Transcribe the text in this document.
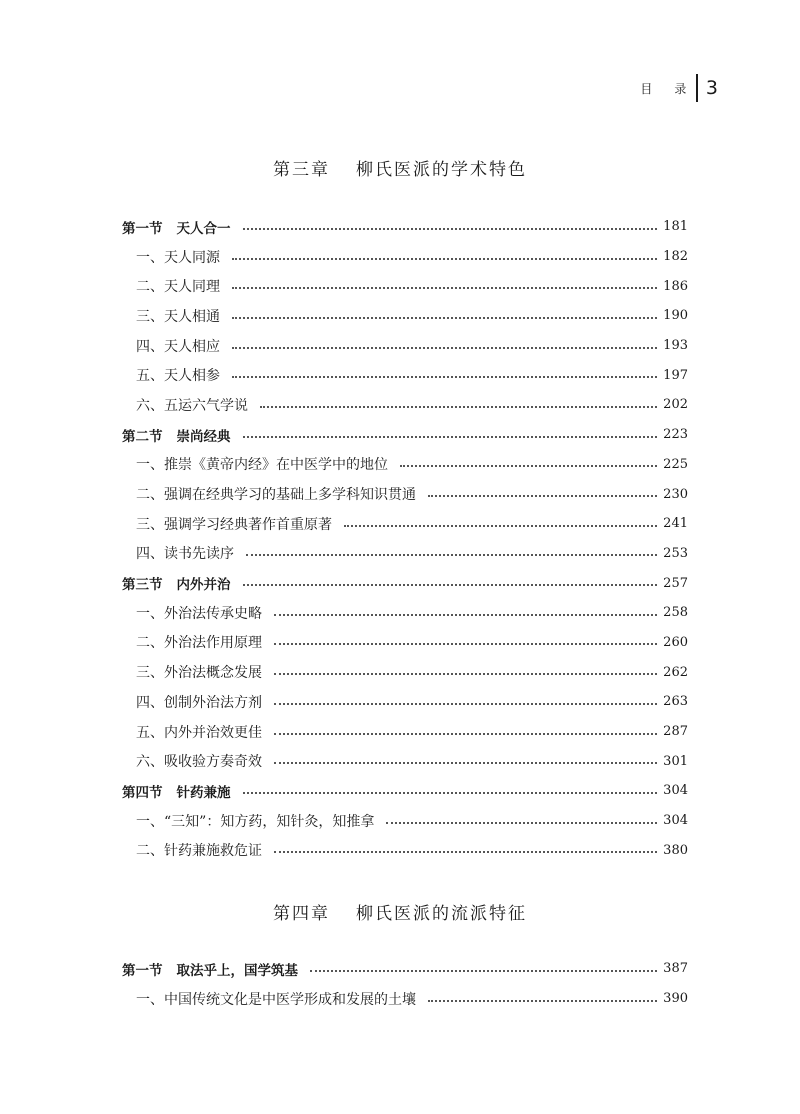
目 录 3
第三章 柳氏医派的学术特色
第一节 天人合一	181
一、天人同源	182
二、天人同理	186
三、天人相通	190
四、天人相应	193
五、天人相参	197
六、五运六气学说	202
第二节 崇尚经典	223
一、推崇《黄帝内经》在中医学中的地位	225
二、强调在经典学习的基础上多学科知识贯通	230
三、强调学习经典著作首重原著	241
四、读书先读序	253
第三节 内外并治	257
一、外治法传承史略	258
二、外治法作用原理	260
三、外治法概念发展	262
四、创制外治法方剂	263
五、内外并治效更佳	287
六、吸收验方奏奇效	301
第四节 针药兼施	304
一、“三知”：知方药，知针灸，知推拿	304
二、针药兼施救危证	380
第四章 柳氏医派的流派特征
第一节 取法乎上，国学筑基	387
一、中国传统文化是中医学形成和发展的土壤	390
